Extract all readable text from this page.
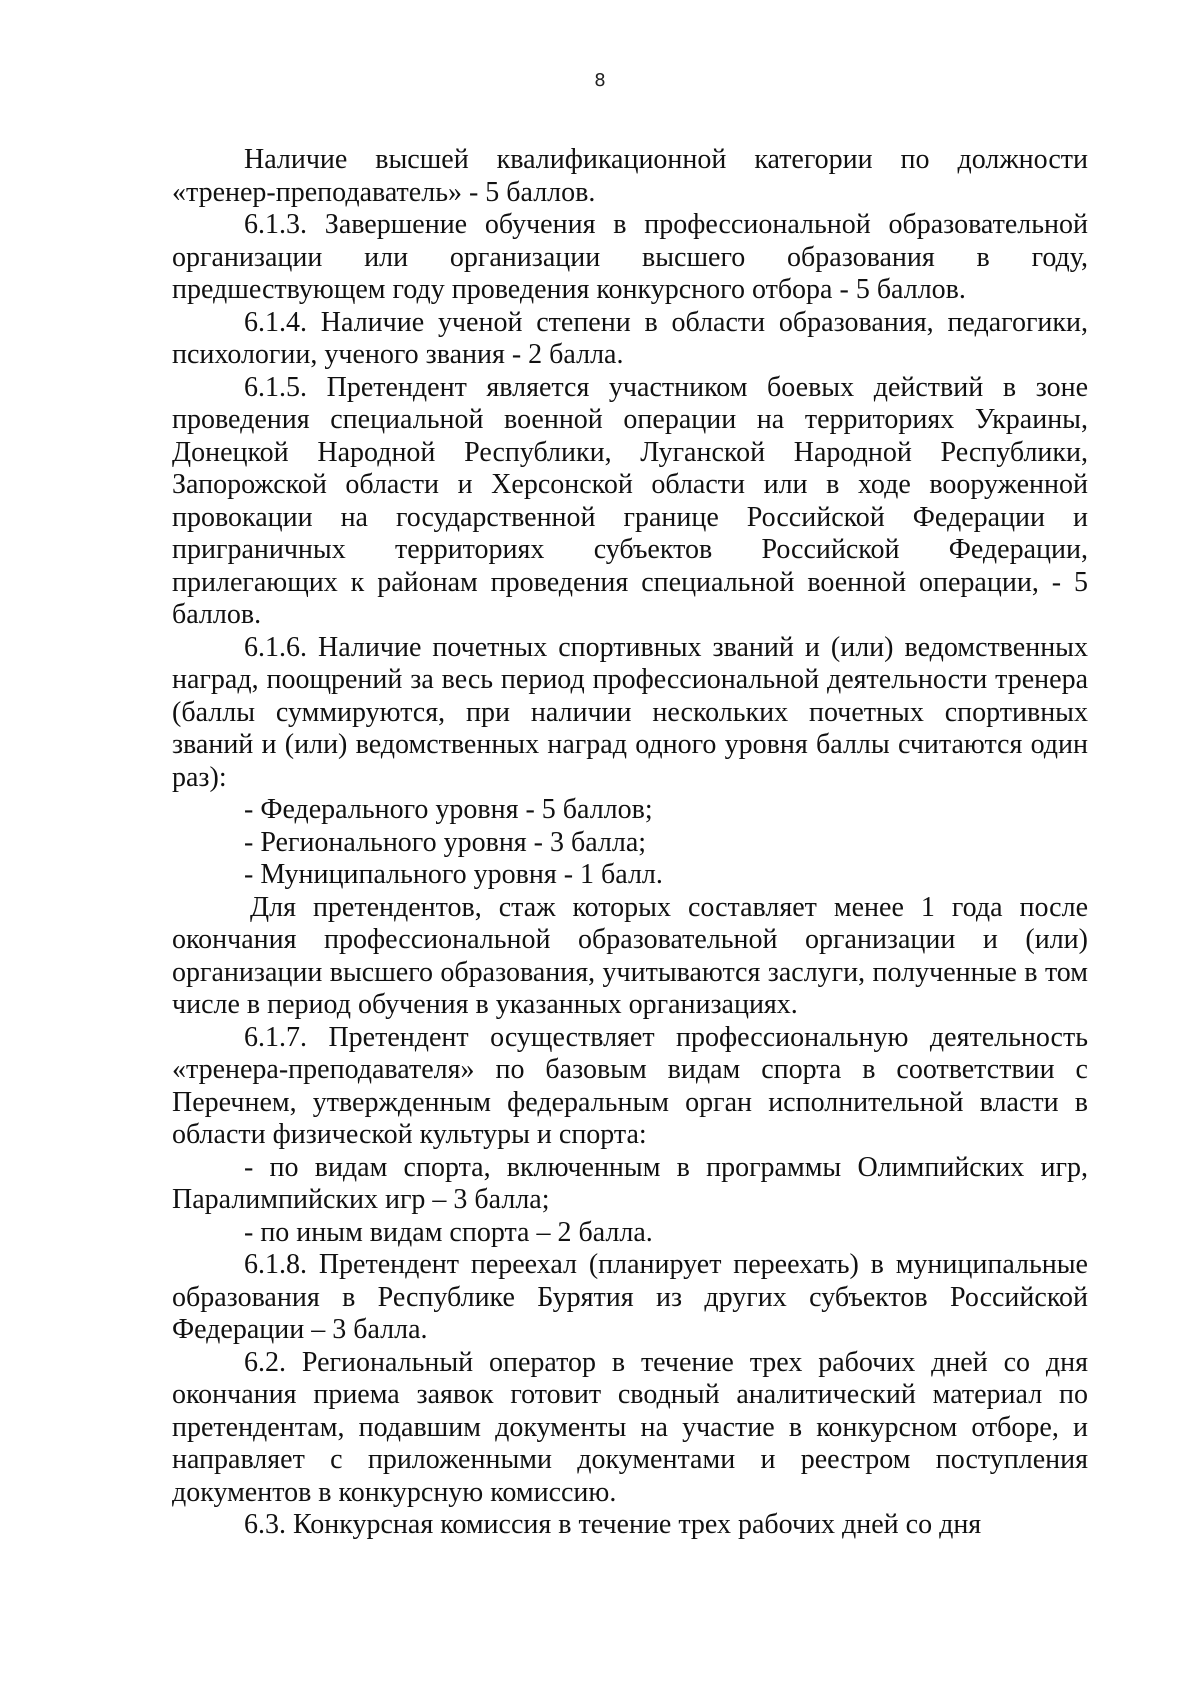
8

Наличие высшей квалификационной категории по должности «тренер-преподаватель» - 5 баллов.

6.1.3. Завершение обучения в профессиональной образовательной организации или организации высшего образования в году, предшествующем году проведения конкурсного отбора - 5 баллов.

6.1.4. Наличие ученой степени в области образования, педагогики, психологии, ученого звания - 2 балла.

6.1.5. Претендент является участником боевых действий в зоне проведения специальной военной операции на территориях Украины, Донецкой Народной Республики, Луганской Народной Республики, Запорожской области и Херсонской области или в ходе вооруженной провокации на государственной границе Российской Федерации и приграничных территориях субъектов Российской Федерации, прилегающих к районам проведения специальной военной операции, - 5 баллов.

6.1.6. Наличие почетных спортивных званий и (или) ведомственных наград, поощрений за весь период профессиональной деятельности тренера (баллы суммируются, при наличии нескольких почетных спортивных званий и (или) ведомственных наград одного уровня баллы считаются один раз):

- Федерального уровня - 5 баллов;

- Регионального уровня - 3 балла;

- Муниципального уровня - 1 балл.

Для претендентов, стаж которых составляет менее 1 года после окончания профессиональной образовательной организации и (или) организации высшего образования, учитываются заслуги, полученные в том числе в период обучения в указанных организациях.

6.1.7. Претендент осуществляет профессиональную деятельность «тренера-преподавателя» по базовым видам спорта в соответствии с Перечнем, утвержденным федеральным орган исполнительной власти в области физической культуры и спорта:

- по видам спорта, включенным в программы Олимпийских игр, Паралимпийских игр – 3 балла;

- по иным видам спорта – 2 балла.

6.1.8. Претендент переехал (планирует переехать) в муниципальные образования в Республике Бурятия из других субъектов Российской Федерации – 3 балла.

6.2. Региональный оператор в течение трех рабочих дней со дня окончания приема заявок готовит сводный аналитический материал по претендентам, подавшим документы на участие в конкурсном отборе, и направляет с приложенными документами и реестром поступления документов в конкурсную комиссию.

6.3. Конкурсная комиссия в течение трех рабочих дней со дня
